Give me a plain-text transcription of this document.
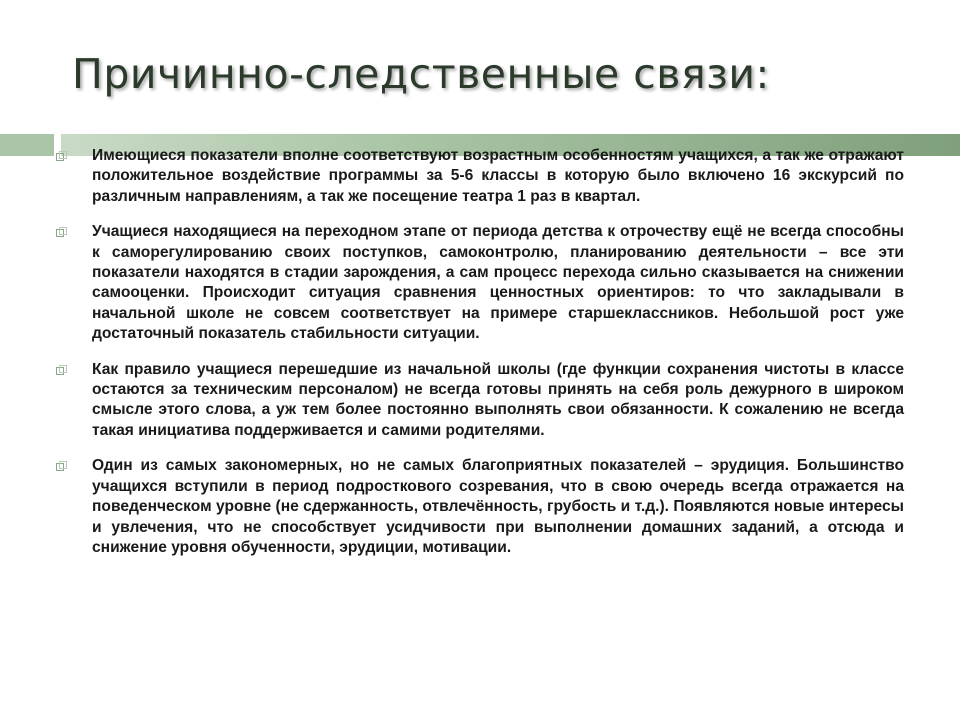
Причинно-следственные связи:
Имеющиеся показатели вполне соответствуют возрастным особенностям учащихся, а так же отражают положительное воздействие программы за 5-6 классы в которую было включено 16 экскурсий по различным направлениям, а так же посещение театра 1 раз в квартал.
Учащиеся находящиеся на переходном этапе от периода детства к отрочеству ещё не всегда способны к саморегулированию своих поступков, самоконтролю, планированию деятельности – все эти показатели находятся в стадии зарождения, а сам процесс перехода сильно сказывается на снижении самооценки. Происходит ситуация сравнения ценностных ориентиров: то что закладывали в начальной школе не совсем соответствует на примере старшеклассников. Небольшой рост уже достаточный показатель стабильности ситуации.
Как правило учащиеся перешедшие из начальной школы (где функции сохранения чистоты в классе остаются за техническим персоналом) не всегда готовы принять на себя роль дежурного в широком смысле этого слова, а уж тем более постоянно выполнять свои обязанности. К сожалению не всегда такая инициатива поддерживается и самими родителями.
Один из самых закономерных, но не самых благоприятных показателей – эрудиция. Большинство учащихся вступили в период подросткового созревания, что в свою очередь всегда отражается на поведенческом уровне (не сдержанность, отвлечённость, грубость и т.д.). Появляются новые интересы и увлечения, что не способствует усидчивости при выполнении домашних заданий, а отсюда и снижение уровня обученности, эрудиции, мотивации.
